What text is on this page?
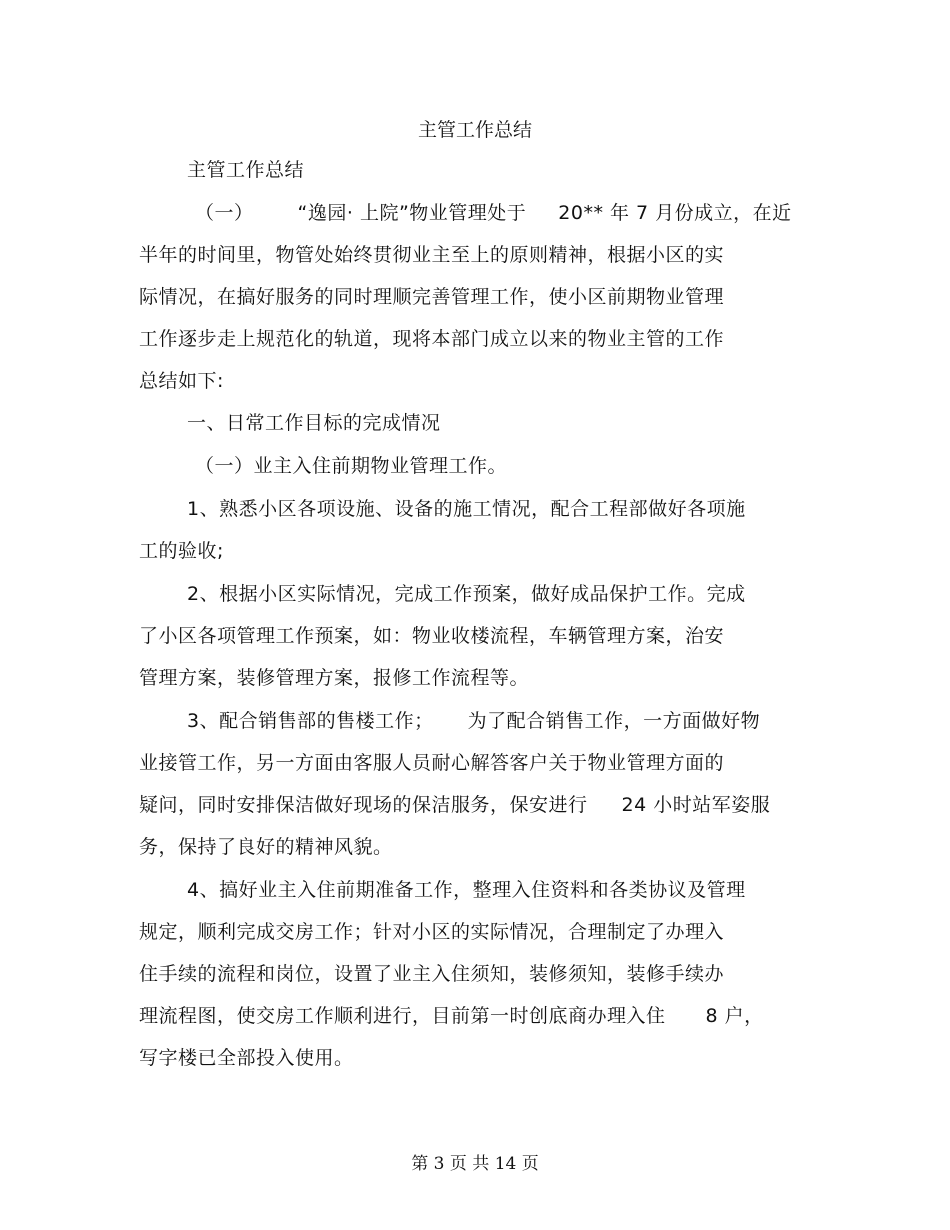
主管工作总结
主管工作总结
（一） “逸园· 上院”物业管理处于 20** 年 7 月份成立，在近
半年的时间里，物管处始终贯彻业主至上的原则精神，根据小区的实
际情况，在搞好服务的同时理顺完善管理工作，使小区前期物业管理
工作逐步走上规范化的轨道，现将本部门成立以来的物业主管的工作
总结如下:
一、日常工作目标的完成情况
（一）业主入住前期物业管理工作。
1、熟悉小区各项设施、设备的施工情况，配合工程部做好各项施
工的验收;
2、根据小区实际情况，完成工作预案，做好成品保护工作。完成
了小区各项管理工作预案，如：物业收楼流程，车辆管理方案，治安
管理方案，装修管理方案，报修工作流程等。
3、配合销售部的售楼工作； 为了配合销售工作，一方面做好物
业接管工作，另一方面由客服人员耐心解答客户关于物业管理方面的
疑问，同时安排保洁做好现场的保洁服务，保安进行 24 小时站军姿服
务，保持了良好的精神风貌。
4、搞好业主入住前期准备工作，整理入住资料和各类协议及管理
规定，顺利完成交房工作；针对小区的实际情况，合理制定了办理入
住手续的流程和岗位，设置了业主入住须知，装修须知，装修手续办
理流程图，使交房工作顺利进行，目前第一时创底商办理入住 8 户，
写字楼已全部投入使用。
第 3 页 共 14 页
